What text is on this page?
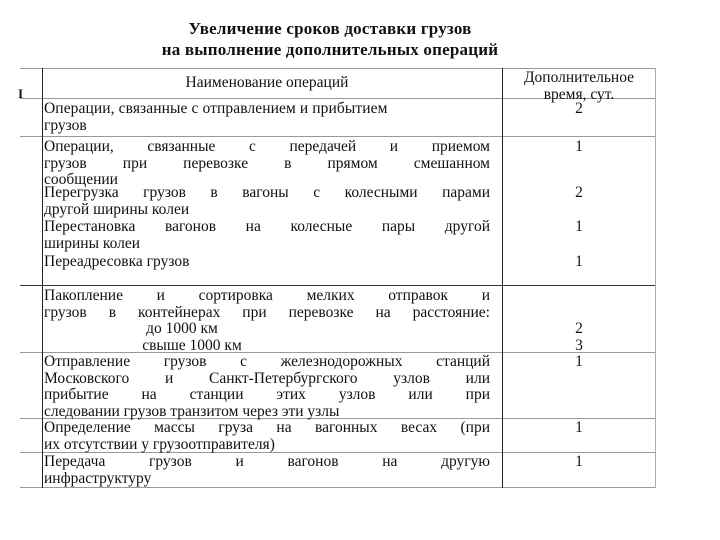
Увеличение сроков доставки грузов
на выполнение дополнительных операций
I
Наименование операций	Дополнительное
время, сут.
Операции, связанные с отправлением и прибытием
грузов
2
Операции, связанные с передачей и приемом
грузов при перевозке в прямом смешанном
сообщении
1
Перегрузка грузов в вагоны с колесными парами
другой ширины колеи
2
Перестановка вагонов на колесные пары другой
ширины колеи
1
Переадресовка грузов	1
Пакопление и сортировка мелких отправок и
грузов в контейнерах при перевозке на расстояние:
до 1000 км
свыше 1000 км
2
3
Отправление грузов с железнодорожных станций
Московского и Санкт-Петербургского узлов или
прибытие на станции этих узлов или при
следовании грузов транзитом через эти узлы
1
Определение массы груза на вагонных весах (при
их отсутствии у грузоотправителя)
1
Передача грузов и вагонов на другую
инфраструктуру
1
